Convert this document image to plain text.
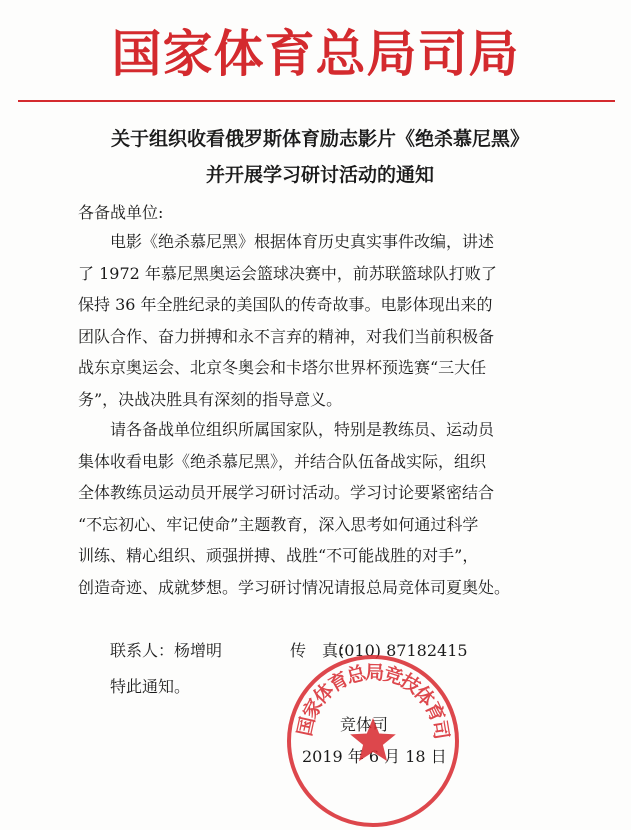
国家体育总局司局
关于组织收看俄罗斯体育励志影片《绝杀慕尼黑》
并开展学习研讨活动的通知
各备战单位:
　　电影《绝杀慕尼黑》根据体育历史真实事件改编，讲述
了 1972 年慕尼黑奥运会篮球决赛中，前苏联篮球队打败了
保持 36 年全胜纪录的美国队的传奇故事。电影体现出来的
团队合作、奋力拼搏和永不言弃的精神，对我们当前积极备
战东京奥运会、北京冬奥会和卡塔尔世界杯预选赛“三大任
务”，决战决胜具有深刻的指导意义。
　　请各备战单位组织所属国家队，特别是教练员、运动员
集体收看电影《绝杀慕尼黑》，并结合队伍备战实际，组织
全体教练员运动员开展学习研讨活动。学习讨论要紧密结合
“不忘初心、牢记使命”主题教育，深入思考如何通过科学
训练、精心组织、顽强拼搏、战胜“不可能战胜的对手”，
创造奇迹、成就梦想。学习研讨情况请报总局竞体司夏奥处。
联系人：杨增明	传　真：
(010) 87182415
特此通知。
竞体司
2019 年 6 月 18 日
国家体育总局竞技体育司
